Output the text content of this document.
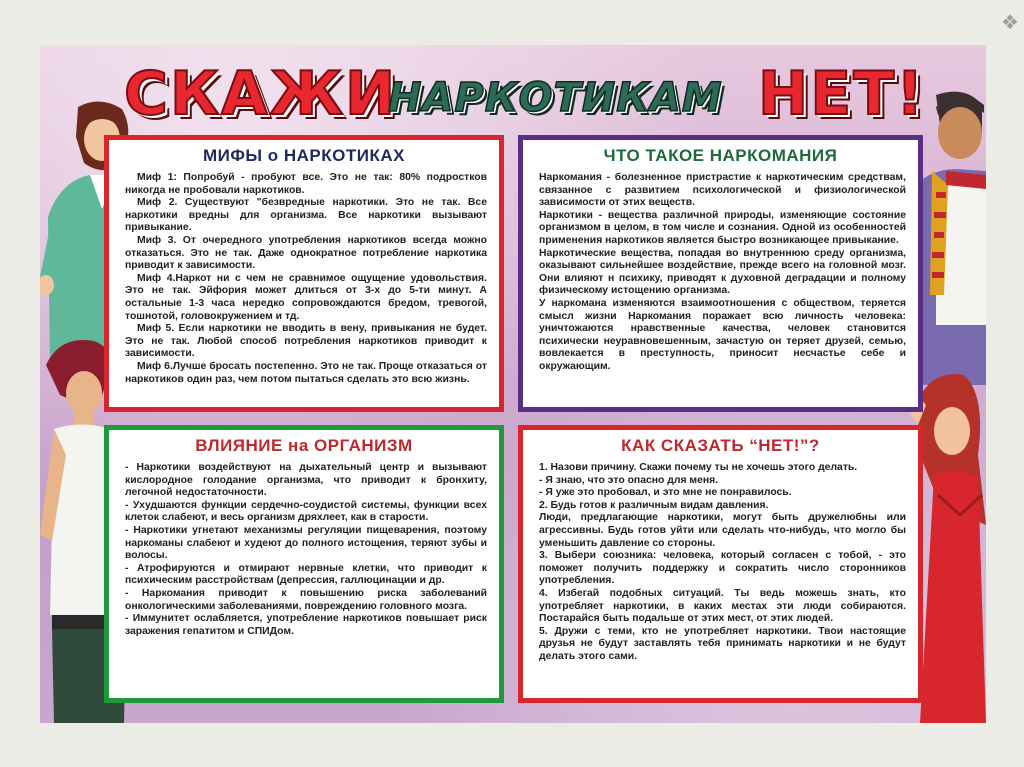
❖
СКАЖИ
НАРКОТИКАМ НЕТ!
МИФЫ о НАРКОТИКАХ
Миф 1: Попробуй - пробуют все. Это не так: 80% подростков никогда не пробовали наркотиков.
Миф 2. Существуют "безвредные наркотики. Это не так. Все наркотики вредны для организма. Все наркотики вызывают привыкание.
Миф 3. От очередного употребления наркотиков всегда можно отказаться. Это не так. Даже однократное потребление наркотика приводит к зависимости.
Миф 4.Наркот ни с чем не сравнимое ощущение удовольствия. Это не так. Эйфория может длиться от 3-х до 5-ти минут. А остальные 1-3 часа нередко сопровождаются бредом, тревогой, тошнотой, головокружением и тд.
Миф 5. Если наркотики не вводить в вену, привыкания не будет. Это не так. Любой способ потребления наркотиков приводит к зависимости.
Миф 6.Лучше бросать постепенно. Это не так. Проще отказаться от наркотиков один раз, чем потом пытаться сделать это всю жизнь.
ЧТО ТАКОЕ НАРКОМАНИЯ
Наркомания - болезненное пристрастие к наркотическим средствам, связанное с развитием психологической и физиологической зависимости от этих веществ.
Наркотики - вещества различной природы, изменяющие состояние организмом в целом, в том числе и сознания. Одной из особенностей применения наркотиков является быстро возникающее привыкание.
Наркотические вещества, попадая во внутреннюю среду организма, оказывают сильнейшее воздействие, прежде всего на головной мозг. Они влияют н психику, приводят к духовной деградации и полному физическому истощению организма.
У наркомана изменяются взаимоотношения с обществом, теряется смысл жизни Наркомания поражает всю личность человека: уничтожаются нравственные качества, человек становится психически неуравновешенным, зачастую он теряет друзей, семью, вовлекается в преступность, приносит несчастье себе и окружающим.
ВЛИЯНИЕ на ОРГАНИЗМ
- Наркотики воздействуют на дыхательный центр и вызывают кислородное голодание организма, что приводит к бронхиту, легочной недостаточности.
- Ухудшаются функции сердечно-соудистой системы, функции всех клеток слабеют, и весь организм дряхлеет, как в старости.
- Наркотики угнетают механизмы регуляции пищеварения, поэтому наркоманы слабеют и худеют до полного истощения, теряют зубы и волосы.
- Атрофируются и отмирают нервные клетки, что приводит к психическим расстройствам (депрессия, галлюцинации и др.
- Наркомания приводит к повышению риска заболеваний онкологическими заболеваниями, повреждению головного мозга.
- Иммунитет ослабляется, употребление наркотиков повышает риск заражения гепатитом и СПИДом.
КАК СКАЗАТЬ “НЕТ!”?
1. Назови причину. Скажи почему ты не хочешь этого делать.
- Я знаю, что это опасно для меня.
- Я уже это пробовал, и это мне не понравилось.
2. Будь готов к различным видам давления.
Люди, предлагающие наркотики, могут быть дружелюбны или агрессивны. Будь готов уйти или сделать что-нибудь, что могло бы уменьшить давление со стороны.
3. Выбери союзника: человека, который согласен с тобой, - это поможет получить поддержку и сократить число сторонников употребления.
4. Избегай подобных ситуаций. Ты ведь можешь знать, кто употребляет наркотики, в каких местах эти люди собираются. Постарайся быть подальше от этих мест, от этих людей.
5. Дружи с теми, кто не употребляет наркотики. Твои настоящие друзья не будут заставлять тебя принимать наркотики и не будут делать этого сами.
